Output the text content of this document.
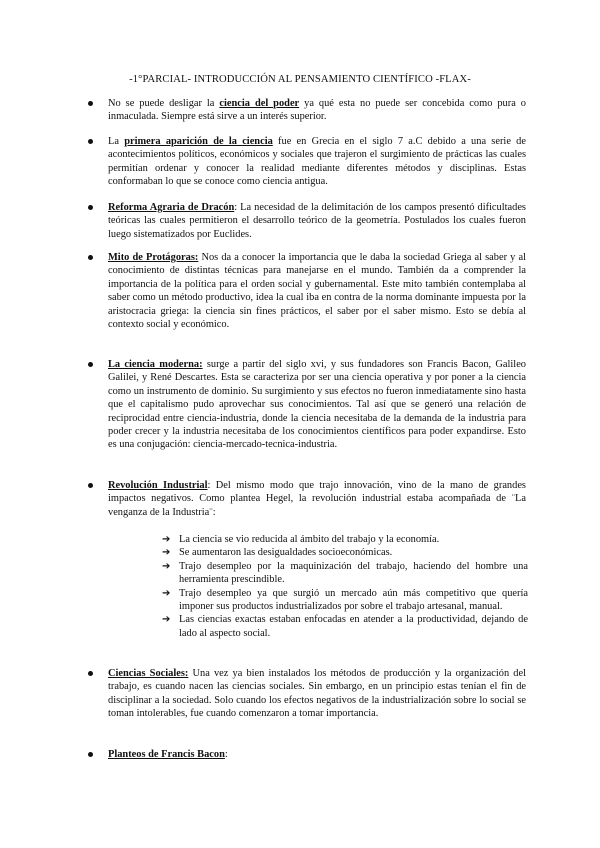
-1°PARCIAL- INTRODUCCIÓN AL PENSAMIENTO CIENTÍFICO -FLAX-
No se puede desligar la ciencia del poder ya qué esta no puede ser concebida como pura o inmaculada. Siempre está sirve a un interés superior.
La primera aparición de la ciencia fue en Grecia en el siglo 7 a.C debido a una serie de acontecimientos políticos, económicos y sociales que trajeron el surgimiento de prácticas las cuales permitían ordenar y conocer la realidad mediante diferentes métodos y disciplinas. Estas conformaban lo que se conoce como ciencia antigua.
Reforma Agraria de Dracón: La necesidad de la delimitación de los campos presentó dificultades teóricas las cuales permitieron el desarrollo teórico de la geometría. Postulados los cuales fueron luego sistematizados por Euclides.
Mito de Protágoras: Nos da a conocer la importancia que le daba la sociedad Griega al saber y al conocimiento de distintas técnicas para manejarse en el mundo. También da a comprender la importancia de la política para el orden social y gubernamental. Este mito también contemplaba al saber como un método productivo, idea la cual iba en contra de la norma dominante impuesta por la aristocracia griega: la ciencia sin fines prácticos, el saber por el saber mismo. Esto se debía al contexto social y económico.
La ciencia moderna: surge a partir del siglo xvi, y sus fundadores son Francis Bacon, Galileo Galilei, y René Descartes. Esta se caracteriza por ser una ciencia operativa y por poner a la ciencia como un instrumento de dominio. Su surgimiento y sus efectos no fueron inmediatamente sino hasta que el capitalismo pudo aprovechar sus conocimientos. Tal así que se generó una relación de reciprocidad entre ciencia-industria, donde la ciencia necesitaba de la demanda de la industria para poder crecer y la industria necesitaba de los conocimientos científicos para poder expandirse. Esto es una conjugación: ciencia-mercado-tecnica-industria.
Revolución Industrial: Del mismo modo que trajo innovación, vino de la mano de grandes impactos negativos. Como plantea Hegel, la revolución industrial estaba acompañada de ¨La venganza de la Industria¨:
➔ La ciencia se vio reducida al ámbito del trabajo y la economía.
➔ Se aumentaron las desigualdades socioeconómicas.
➔ Trajo desempleo por la maquinización del trabajo, haciendo del hombre una herramienta prescindible.
➔ Trajo desempleo ya que surgió un mercado aún más competitivo que quería imponer sus productos industrializados por sobre el trabajo artesanal, manual.
➔ Las ciencias exactas estaban enfocadas en atender a la productividad, dejando de lado al aspecto social.
Ciencias Sociales: Una vez ya bien instalados los métodos de producción y la organización del trabajo, es cuando nacen las ciencias sociales. Sin embargo, en un principio estas tenían el fin de disciplinar a la sociedad. Solo cuando los efectos negativos de la industrialización sobre lo social se toman intolerables, fue cuando comenzaron a tomar importancia.
Planteos de Francis Bacon:
